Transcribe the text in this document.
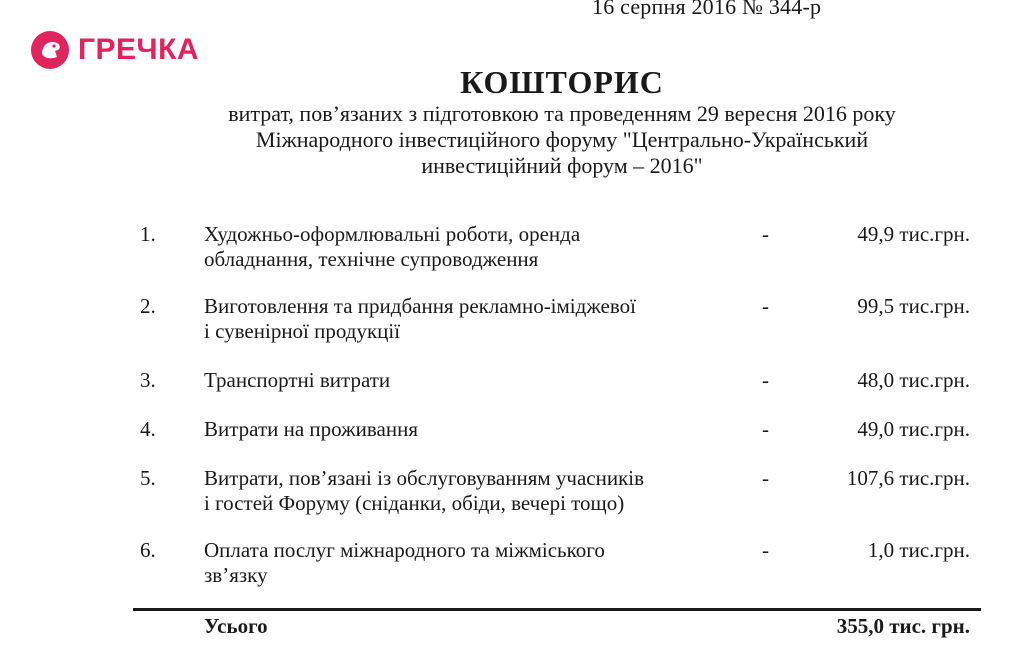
16 серпня 2016 № 344-р
ГРЕЧКА
КОШТОРИС
витрат, пов’язаних з підготовкою та проведенням 29 вересня 2016 року
Міжнародного інвестиційного форуму "Центрально-Український
инвестиційний форум – 2016"
1. Художньо-оформлювальні роботи, оренда
обладнання, технічне супроводження
-	49,9 тис.грн.
2. Виготовлення та придбання рекламно-іміджевої
і сувенірної продукції
-	99,5 тис.грн.
3. Транспортні витрати	-	48,0 тис.грн.
4. Витрати на проживання	-	49,0 тис.грн.
5. Витрати, пов’язані із обслуговуванням учасників
і гостей Форуму (сніданки, обіди, вечері тощо)
-	107,6 тис.грн.
6. Оплата послуг міжнародного та міжміського
зв’язку
-	1,0 тис.грн.
Усього	355,0 тис. грн.
